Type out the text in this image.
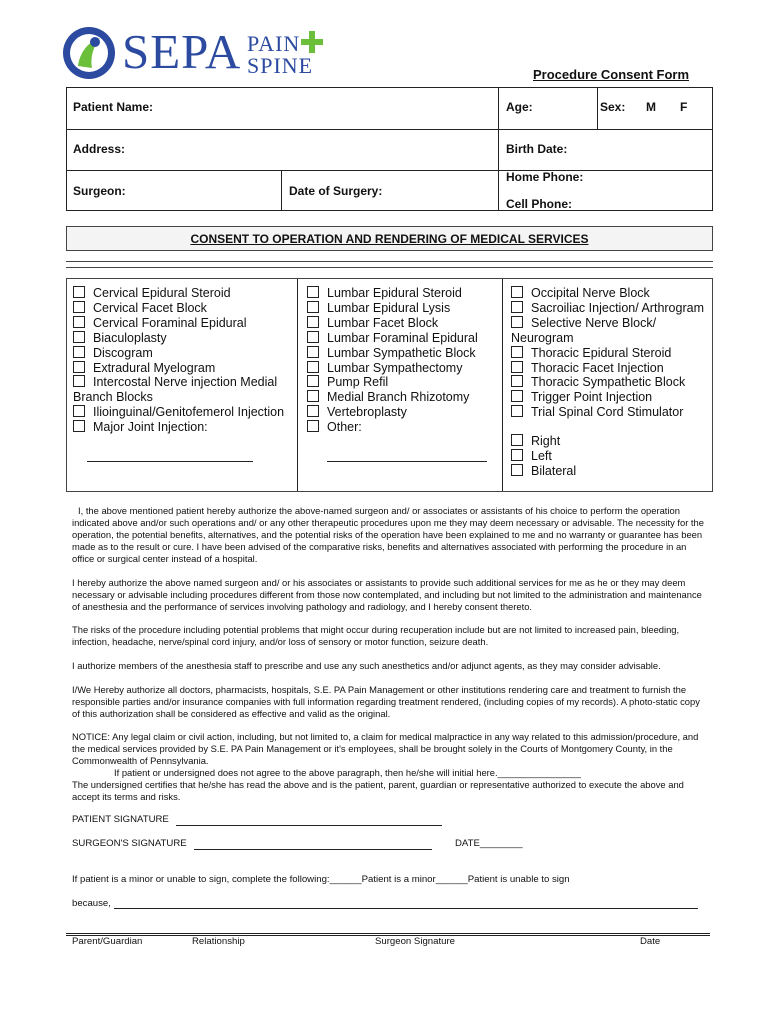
SEPA PAIN
SPINE	Procedure Consent Form
Patient Name:	Age:	Sex: M F
Address:	Birth Date:
Surgeon:	Date of Surgery:
Home Phone:
Cell Phone:
CONSENT TO OPERATION AND RENDERING OF MEDICAL SERVICES
Cervical Epidural Steroid
Cervical Facet Block
Cervical Foraminal Epidural
Biaculoplasty
Discogram
Extradural Myelogram
Intercostal Nerve injection Medial
Branch Blocks
Ilioinguinal/Genitofemerol Injection
Major Joint Injection:
Lumbar Epidural Steroid
Lumbar Epidural Lysis
Lumbar Facet Block
Lumbar Foraminal Epidural
Lumbar Sympathetic Block
Lumbar Sympathectomy
Pump Refil
Medial Branch Rhizotomy
Vertebroplasty
Other:
Occipital Nerve Block
Sacroiliac Injection/ Arthrogram
Selective Nerve Block/
Neurogram
Thoracic Epidural Steroid
Thoracic Facet Injection
Thoracic Sympathetic Block
Trigger Point Injection
Trial Spinal Cord Stimulator
Right
Left
Bilateral
I, the above mentioned patient hereby authorize the above-named surgeon and/ or associates or assistants of his choice to perform the operation indicated above and/or such operations and/ or any other therapeutic procedures upon me they may deem necessary or advisable. The necessity for the operation, the potential benefits, alternatives, and the potential risks of the operation have been explained to me and no warranty or guarantee has been made as to the result or cure. I have been advised of the comparative risks, benefits and alternatives associated with performing the procedure in an office or surgical center instead of a hospital.
I hereby authorize the above named surgeon and/ or his associates or assistants to provide such additional services for me as he or they may deem necessary or advisable including procedures different from those now contemplated, and including but not limited to the administration and maintenance of anesthesia and the performance of services involving pathology and radiology, and I hereby consent thereto.
The risks of the procedure including potential problems that might occur during recuperation include but are not limited to increased pain, bleeding, infection, headache, nerve/spinal cord injury, and/or loss of sensory or motor function, seizure death.
I authorize members of the anesthesia staff to prescribe and use any such anesthetics and/or adjunct agents, as they may consider advisable.
I/We Hereby authorize all doctors, pharmacists, hospitals, S.E. PA Pain Management or other institutions rendering care and treatment to furnish the responsible parties and/or insurance companies with full information regarding treatment rendered, (including copies of my records). A photo-static copy of this authorization shall be considered as effective and valid as the original.
NOTICE: Any legal claim or civil action, including, but not limited to, a claim for medical malpractice in any way related to this admission/procedure, and the medical services provided by S.E. PA Pain Management or it's employees, shall be brought solely in the Courts of Montgomery County, in the Commonwealth of Pennsylvania.
If patient or undersigned does not agree to the above paragraph, then he/she will initial here.________________
The undersigned certifies that he/she has read the above and is the patient, parent, guardian or representative authorized to execute the above and accept its terms and risks.
PATIENT SIGNATURE
SURGEON'S SIGNATURE	DATE________
If patient is a minor or unable to sign, complete the following:______Patient is a minor______Patient is unable to sign
because,
Parent/Guardian	Relationship	Surgeon Signature	Date
